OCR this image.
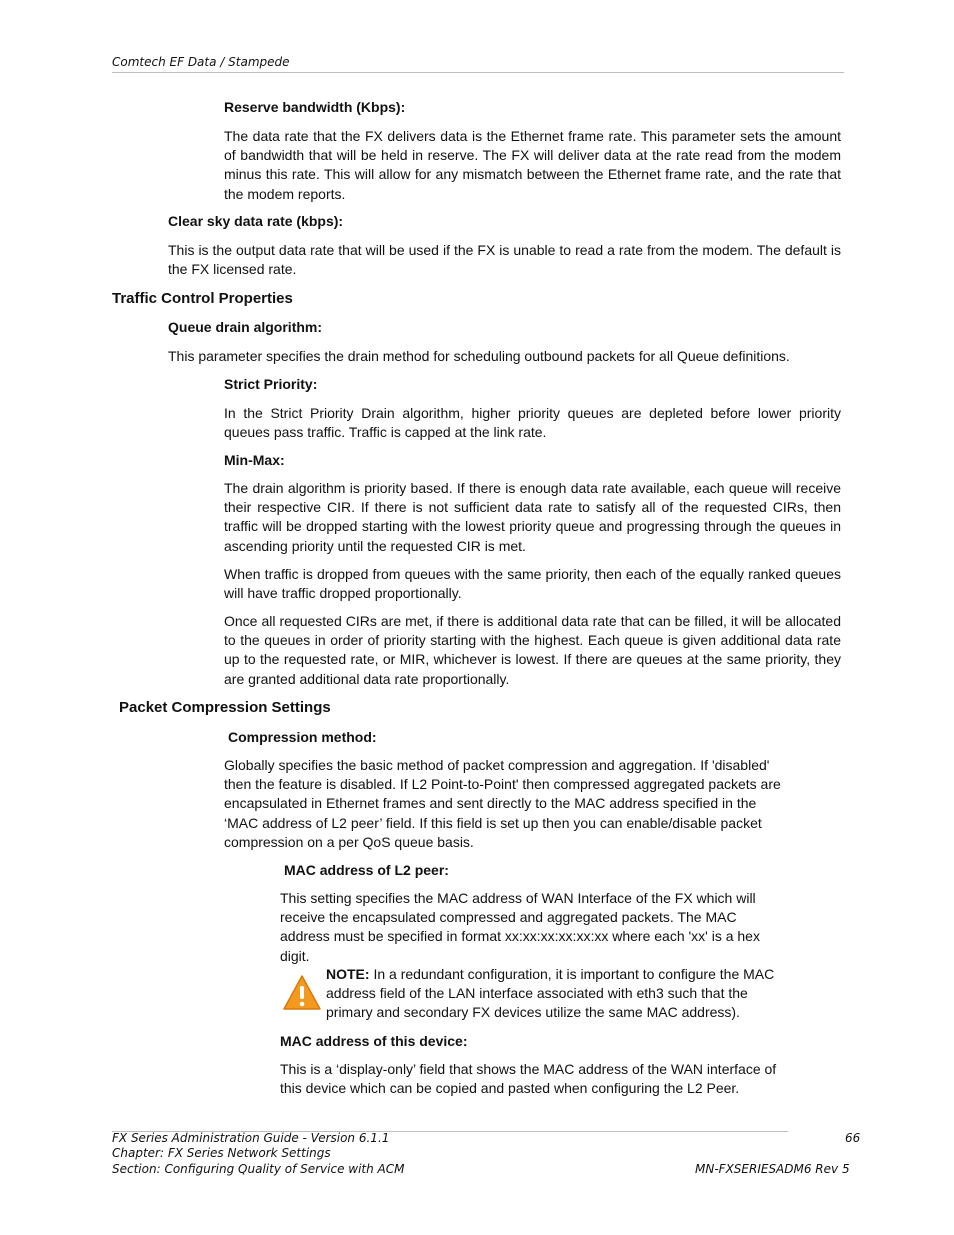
Comtech EF Data / Stampede
Reserve bandwidth (Kbps):

The data rate that the FX delivers data is the Ethernet frame rate. This parameter sets the amount of bandwidth that will be held in reserve. The FX will deliver data at the rate read from the modem minus this rate. This will allow for any mismatch between the Ethernet frame rate, and the rate that the modem reports.

Clear sky data rate (kbps):

This is the output data rate that will be used if the FX is unable to read a rate from the modem. The default is the FX licensed rate.

Traffic Control Properties
Queue drain algorithm:

This parameter specifies the drain method for scheduling outbound packets for all Queue definitions.

Strict Priority:

In the Strict Priority Drain algorithm, higher priority queues are depleted before lower priority queues pass traffic. Traffic is capped at the link rate.

Min-Max:

The drain algorithm is priority based. If there is enough data rate available, each queue will receive their respective CIR. If there is not sufficient data rate to satisfy all of the requested CIRs, then traffic will be dropped starting with the lowest priority queue and progressing through the queues in ascending priority until the requested CIR is met.

When traffic is dropped from queues with the same priority, then each of the equally ranked queues will have traffic dropped proportionally.

Once all requested CIRs are met, if there is additional data rate that can be filled, it will be allocated to the queues in order of priority starting with the highest. Each queue is given additional data rate up to the requested rate, or MIR, whichever is lowest. If there are queues at the same priority, they are granted additional data rate proportionally.

Packet Compression Settings
Compression method:

Globally specifies the basic method of packet compression and aggregation. If 'disabled' then the feature is disabled. If L2 Point-to-Point' then compressed aggregated packets are encapsulated in Ethernet frames and sent directly to the MAC address specified in the ‘MAC address of L2 peer’ field. If this field is set up then you can enable/disable packet compression on a per QoS queue basis.

MAC address of L2 peer:

This setting specifies the MAC address of WAN Interface of the FX which will receive the encapsulated compressed and aggregated packets. The MAC address must be specified in format xx:xx:xx:xx:xx:xx where each 'xx' is a hex digit.

NOTE: In a redundant configuration, it is important to configure the MAC address field of the LAN interface associated with eth3 such that the primary and secondary FX devices utilize the same MAC address).

MAC address of this device:

This is a ‘display-only’ field that shows the MAC address of the WAN interface of this device which can be copied and pasted when configuring the L2 Peer.

FX Series Administration Guide - Version 6.1.1
Chapter: FX Series Network Settings
Section: Configuring Quality of Service with ACM
66
MN-FXSERIESADM6 Rev 5
